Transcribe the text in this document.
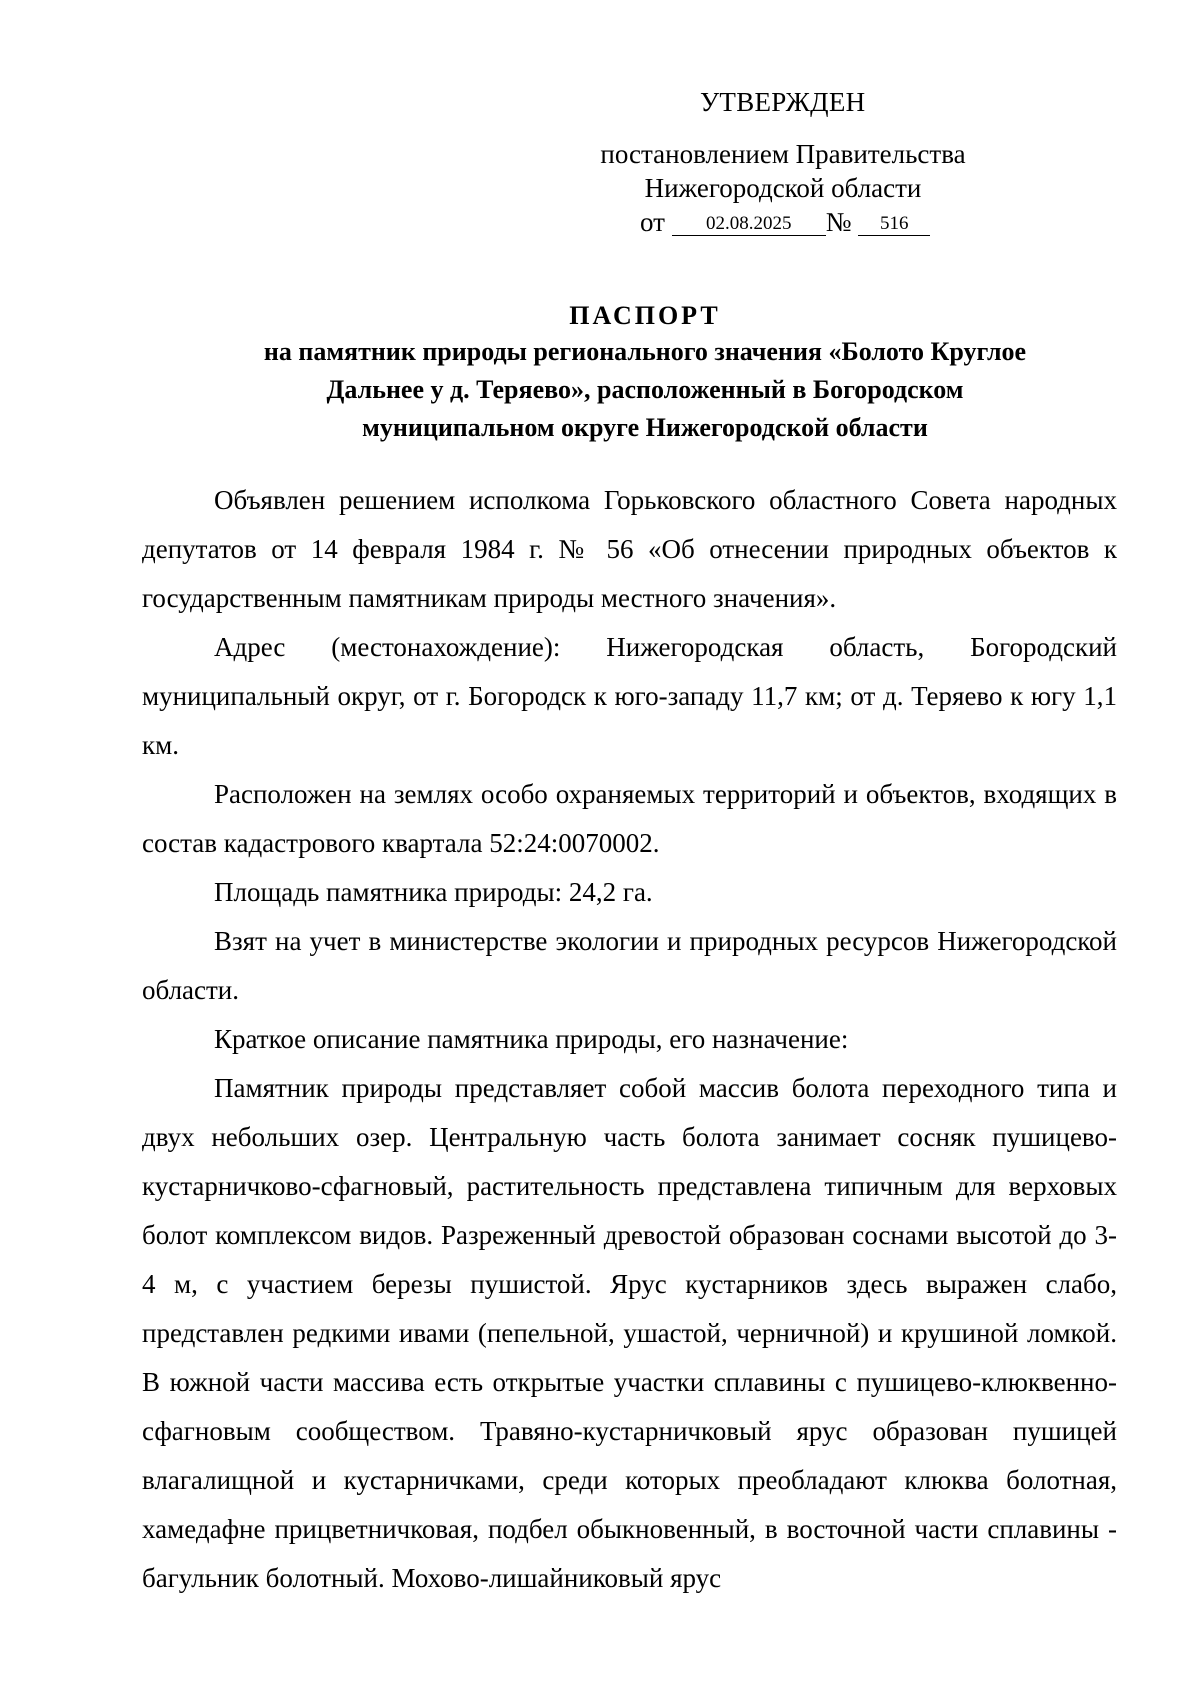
УТВЕРЖДЕН
постановлением Правительства
Нижегородской области
от 02.08.2025 № 516
ПАСПОРТ
на памятник природы регионального значения «Болото Круглое
Дальнее у д. Теряево», расположенный в Богородском
муниципальном округе Нижегородской области

Объявлен решением исполкома Горьковского областного Совета народных депутатов от 14 февраля 1984 г. № 56 «Об отнесении природных объектов к государственным памятникам природы местного значения».

Адрес (местонахождение): Нижегородская область, Богородский муниципальный округ, от г. Богородск к юго-западу 11,7 км; от д. Теряево к югу 1,1 км.

Расположен на землях особо охраняемых территорий и объектов, входящих в состав кадастрового квартала 52:24:0070002.

Площадь памятника природы: 24,2 га.

Взят на учет в министерстве экологии и природных ресурсов Нижегородской области.

Краткое описание памятника природы, его назначение:

Памятник природы представляет собой массив болота переходного типа и двух небольших озер. Центральную часть болота занимает сосняк пушицево-кустарничково-сфагновый, растительность представлена типичным для верховых болот комплексом видов. Разреженный древостой образован соснами высотой до 3-4 м, с участием березы пушистой. Ярус кустарников здесь выражен слабо, представлен редкими ивами (пепельной, ушастой, черничной) и крушиной ломкой. В южной части массива есть открытые участки сплавины с пушицево-клюквенно-сфагновым сообществом. Травяно-кустарничковый ярус образован пушицей влагалищной и кустарничками, среди которых преобладают клюква болотная, хамедафне прицветничковая, подбел обыкновенный, в восточной части сплавины - багульник болотный. Мохово-лишайниковый ярус
